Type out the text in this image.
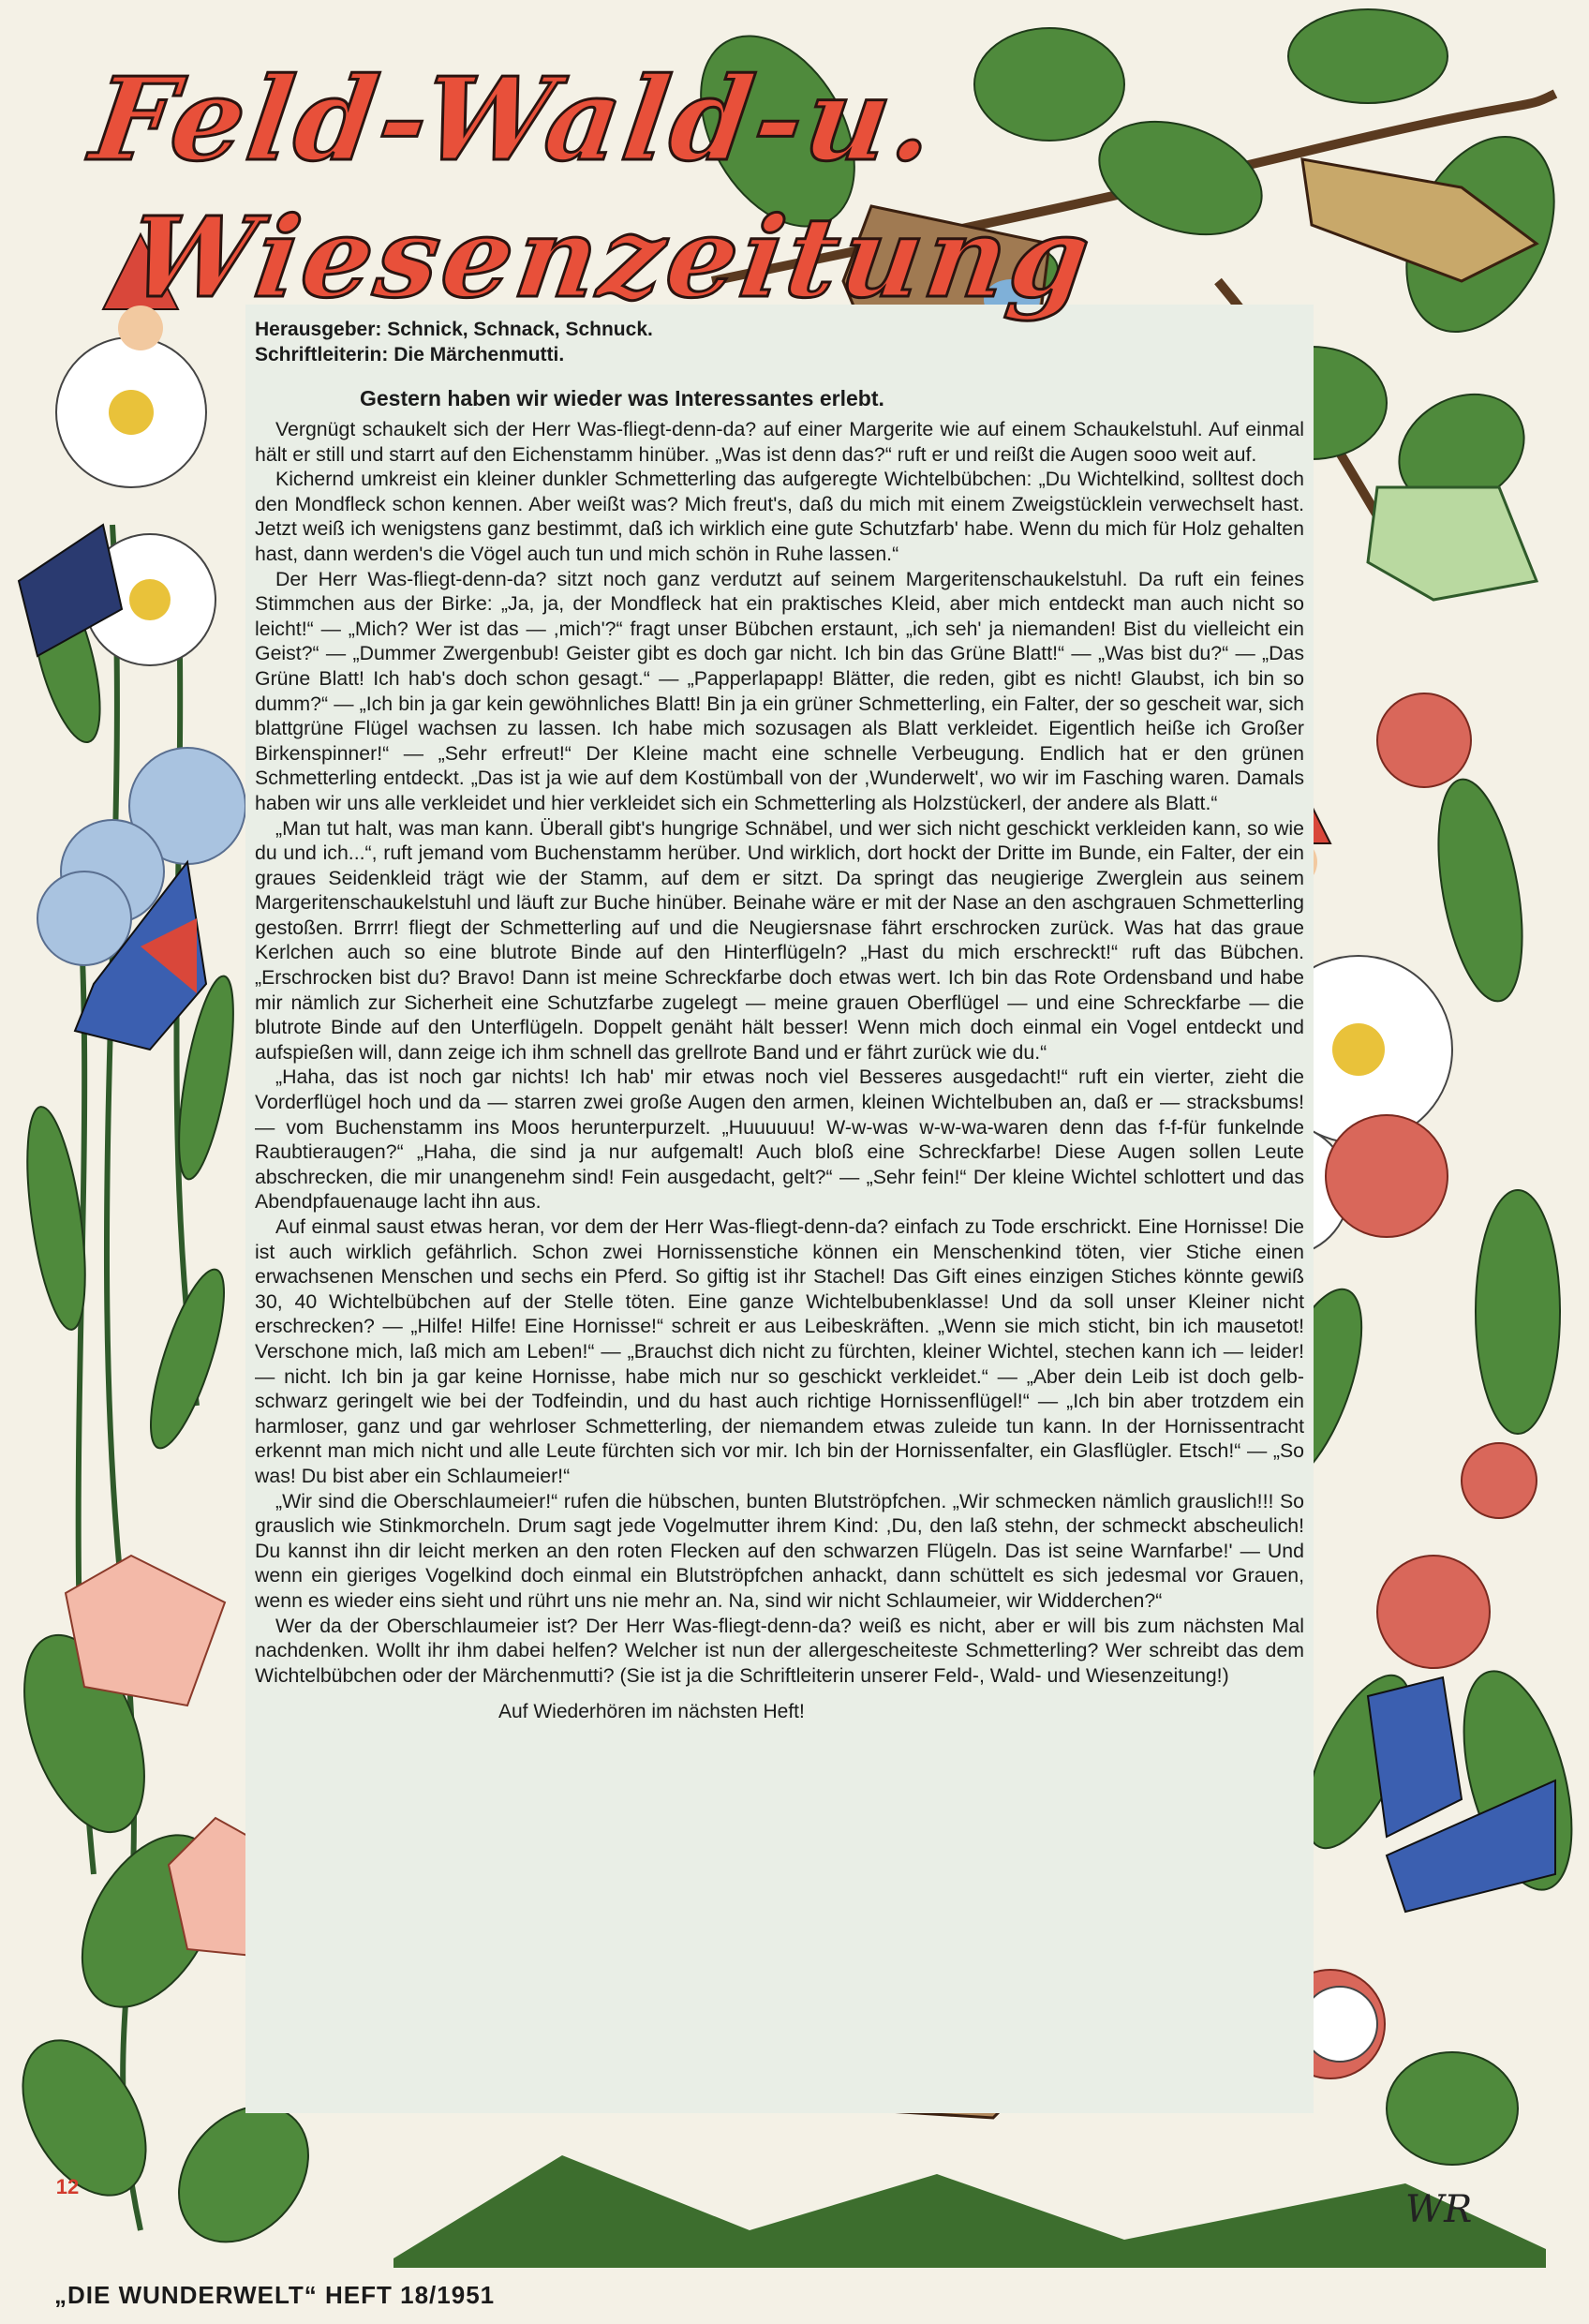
Feld-Wald-u.
Wiesenzeitung

Herausgeber: Schnick, Schnack, Schnuck.

Schriftleiterin: Die Märchenmutti.

Gestern haben wir wieder was Interessantes erlebt.

Vergnügt schaukelt sich der Herr Was-fliegt-denn-da? auf einer Margerite wie auf einem Schaukelstuhl. Auf einmal hält er still und starrt auf den Eichenstamm hinüber. „Was ist denn das?“ ruft er und reißt die Augen sooo weit auf.

Kichernd umkreist ein kleiner dunkler Schmetterling das aufgeregte Wichtelbübchen: „Du Wichtelkind, solltest doch den Mondfleck schon kennen. Aber weißt was? Mich freut's, daß du mich mit einem Zweigstücklein verwechselt hast. Jetzt weiß ich wenigstens ganz bestimmt, daß ich wirklich eine gute Schutzfarb' habe. Wenn du mich für Holz gehalten hast, dann werden's die Vögel auch tun und mich schön in Ruhe lassen.“

Der Herr Was-fliegt-denn-da? sitzt noch ganz verdutzt auf seinem Margeritenschaukelstuhl. Da ruft ein feines Stimmchen aus der Birke: „Ja, ja, der Mondfleck hat ein praktisches Kleid, aber mich entdeckt man auch nicht so leicht!“ — „Mich? Wer ist das — ,mich'?“ fragt unser Bübchen erstaunt, „ich seh' ja niemanden! Bist du vielleicht ein Geist?“ — „Dummer Zwergenbub! Geister gibt es doch gar nicht. Ich bin das Grüne Blatt!“ — „Was bist du?“ — „Das Grüne Blatt! Ich hab's doch schon gesagt.“ — „Papperlapapp! Blätter, die reden, gibt es nicht! Glaubst, ich bin so dumm?“ — „Ich bin ja gar kein gewöhnliches Blatt! Bin ja ein grüner Schmetterling, ein Falter, der so gescheit war, sich blattgrüne Flügel wachsen zu lassen. Ich habe mich sozusagen als Blatt verkleidet. Eigentlich heiße ich Großer Birkenspinner!“ — „Sehr erfreut!“ Der Kleine macht eine schnelle Verbeugung. Endlich hat er den grünen Schmetterling entdeckt. „Das ist ja wie auf dem Kostümball von der ,Wunderwelt', wo wir im Fasching waren. Damals haben wir uns alle verkleidet und hier verkleidet sich ein Schmetterling als Holzstückerl, der andere als Blatt.“

„Man tut halt, was man kann. Überall gibt's hungrige Schnäbel, und wer sich nicht geschickt verkleiden kann, so wie du und ich...“, ruft jemand vom Buchenstamm herüber. Und wirklich, dort hockt der Dritte im Bunde, ein Falter, der ein graues Seidenkleid trägt wie der Stamm, auf dem er sitzt. Da springt das neugierige Zwerglein aus seinem Margeritenschaukelstuhl und läuft zur Buche hinüber. Beinahe wäre er mit der Nase an den aschgrauen Schmetterling gestoßen. Brrrr! fliegt der Schmetterling auf und die Neugiersnase fährt erschrocken zurück. Was hat das graue Kerlchen auch so eine blutrote Binde auf den Hinterflügeln? „Hast du mich erschreckt!“ ruft das Bübchen. „Erschrocken bist du? Bravo! Dann ist meine Schreckfarbe doch etwas wert. Ich bin das Rote Ordensband und habe mir nämlich zur Sicherheit eine Schutzfarbe zugelegt — meine grauen Oberflügel — und eine Schreckfarbe — die blutrote Binde auf den Unterflügeln. Doppelt genäht hält besser! Wenn mich doch einmal ein Vogel entdeckt und aufspießen will, dann zeige ich ihm schnell das grellrote Band und er fährt zurück wie du.“

„Haha, das ist noch gar nichts! Ich hab' mir etwas noch viel Besseres ausgedacht!“ ruft ein vierter, zieht die Vorderflügel hoch und da — starren zwei große Augen den armen, kleinen Wichtelbuben an, daß er — stracksbums! — vom Buchenstamm ins Moos herunterpurzelt. „Huuuuuu! W-w-was w-w-wa-waren denn das f-f-für funkelnde Raubtieraugen?“ „Haha, die sind ja nur aufgemalt! Auch bloß eine Schreckfarbe! Diese Augen sollen Leute abschrecken, die mir unangenehm sind! Fein ausgedacht, gelt?“ — „Sehr fein!“ Der kleine Wichtel schlottert und das Abendpfauenauge lacht ihn aus.

Auf einmal saust etwas heran, vor dem der Herr Was-fliegt-denn-da? einfach zu Tode erschrickt. Eine Hornisse! Die ist auch wirklich gefährlich. Schon zwei Hornissenstiche können ein Menschenkind töten, vier Stiche einen erwachsenen Menschen und sechs ein Pferd. So giftig ist ihr Stachel! Das Gift eines einzigen Stiches könnte gewiß 30, 40 Wichtelbübchen auf der Stelle töten. Eine ganze Wichtelbubenklasse! Und da soll unser Kleiner nicht erschrecken? — „Hilfe! Hilfe! Eine Hornisse!“ schreit er aus Leibeskräften. „Wenn sie mich sticht, bin ich mausetot! Verschone mich, laß mich am Leben!“ — „Brauchst dich nicht zu fürchten, kleiner Wichtel, stechen kann ich — leider! — nicht. Ich bin ja gar keine Hornisse, habe mich nur so geschickt verkleidet.“ — „Aber dein Leib ist doch gelb-schwarz geringelt wie bei der Todfeindin, und du hast auch richtige Hornissenflügel!“ — „Ich bin aber trotzdem ein harmloser, ganz und gar wehrloser Schmetterling, der niemandem etwas zuleide tun kann. In der Hornissentracht erkennt man mich nicht und alle Leute fürchten sich vor mir. Ich bin der Hornissenfalter, ein Glasflügler. Etsch!“ — „So was! Du bist aber ein Schlaumeier!“

„Wir sind die Oberschlaumeier!“ rufen die hübschen, bunten Blutströpfchen. „Wir schmecken nämlich grauslich!!! So grauslich wie Stinkmorcheln. Drum sagt jede Vogelmutter ihrem Kind: ,Du, den laß stehn, der schmeckt abscheulich! Du kannst ihn dir leicht merken an den roten Flecken auf den schwarzen Flügeln. Das ist seine Warnfarbe!' — Und wenn ein gieriges Vogelkind doch einmal ein Blutströpfchen anhackt, dann schüttelt es sich jedesmal vor Grauen, wenn es wieder eins sieht und rührt uns nie mehr an. Na, sind wir nicht Schlaumeier, wir Widderchen?“

Wer da der Oberschlaumeier ist? Der Herr Was-fliegt-denn-da? weiß es nicht, aber er will bis zum nächsten Mal nachdenken. Wollt ihr ihm dabei helfen? Welcher ist nun der allergescheiteste Schmetterling? Wer schreibt das dem Wichtelbübchen oder der Märchenmutti? (Sie ist ja die Schriftleiterin unserer Feld-, Wald- und Wiesenzeitung!)

Auf Wiederhören im nächsten Heft!

12
WR
„DIE WUNDERWELT“ HEFT 18/1951
